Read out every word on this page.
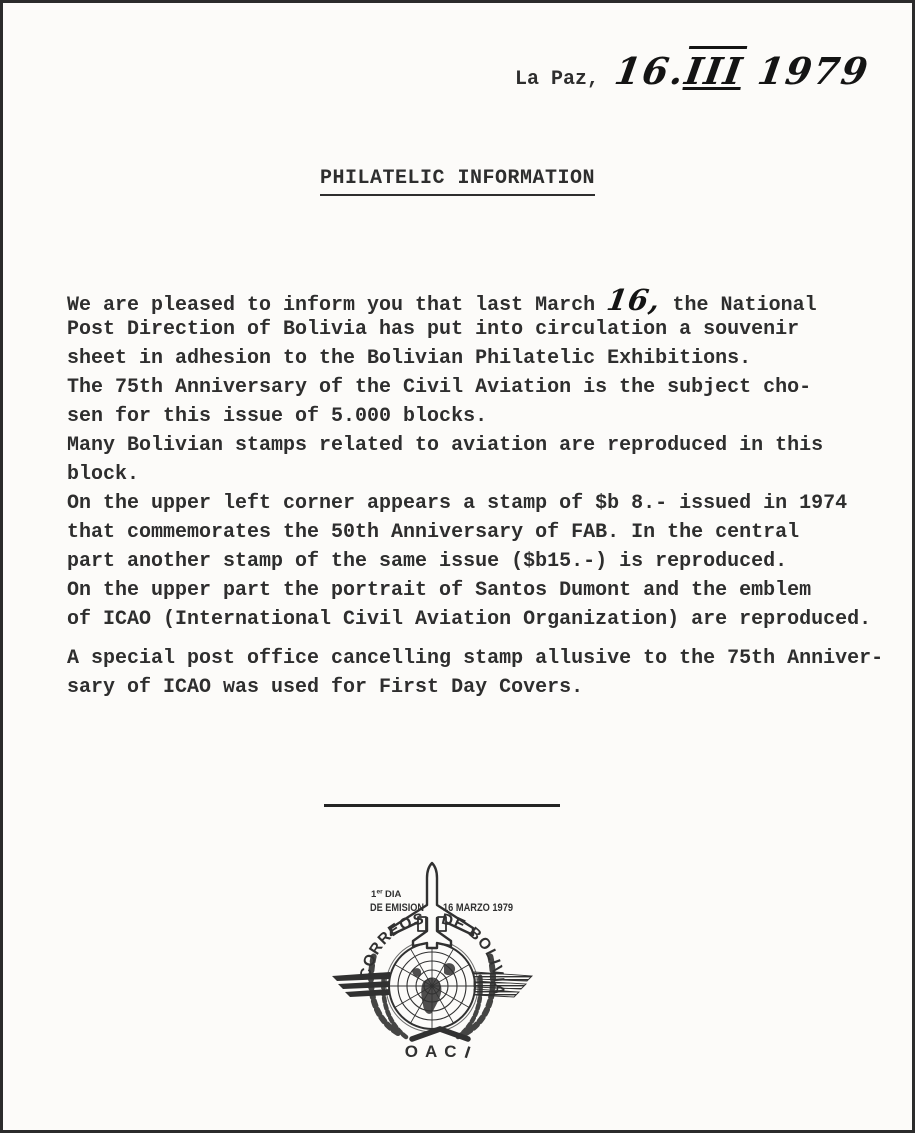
La Paz, 16.III 1979
PHILATELIC INFORMATION
We are pleased to inform you that last March
16,
the National
Post Direction of Bolivia has put into circulation a souvenir
sheet in adhesion to the Bolivian Philatelic Exhibitions.
The 75th Anniversary of the Civil Aviation is the subject cho-
sen for this issue of 5.000 blocks.
Many Bolivian stamps related to aviation are reproduced in this
block.
On the upper left corner appears a stamp of $b 8.- issued in 1974
that commemorates the 50th Anniversary of FAB. In the central
part another stamp of the same issue ($b15.-) is reproduced.
On the upper part the portrait of Santos Dumont and the emblem
of ICAO (International Civil Aviation Organization) are reproduced.
A special post office cancelling stamp allusive to the 75th Anniver-
sary of ICAO was used for First Day Covers.
1er DIA
DE EMISION 16 MARZO 1979
CORREOS DE BOLIVIA
OACI
